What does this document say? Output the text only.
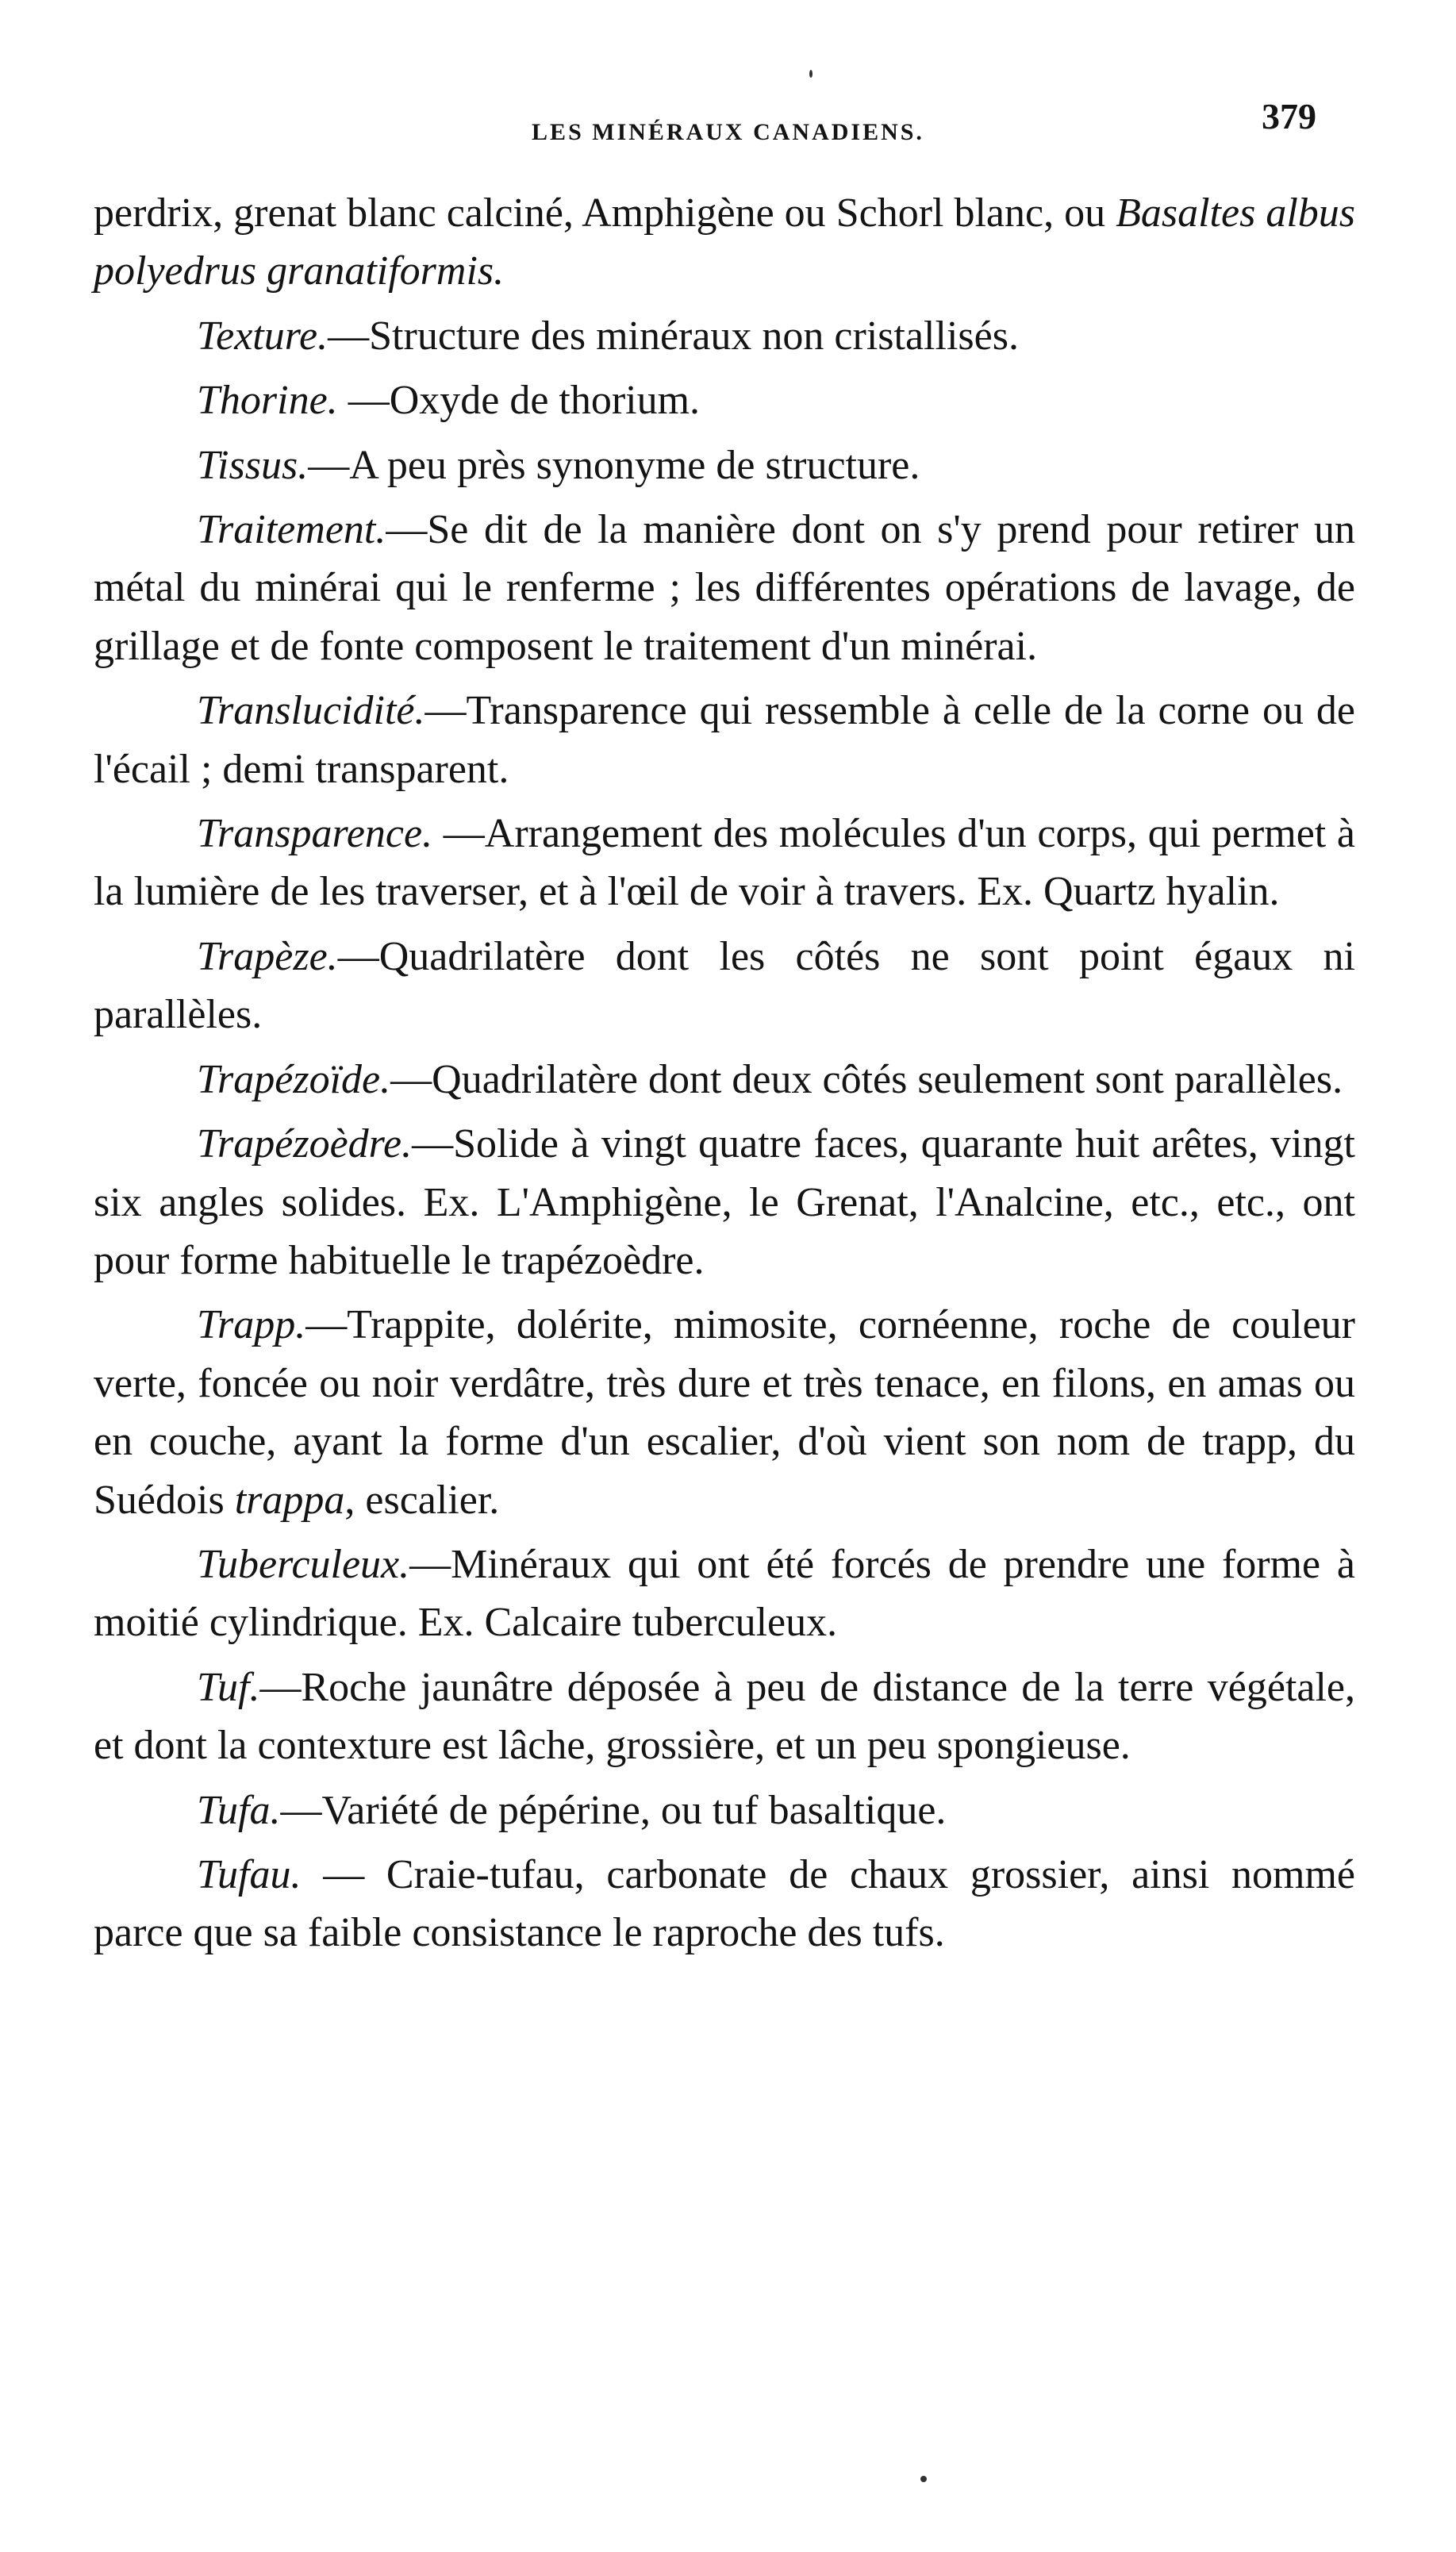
LES MINÉRAUX CANADIENS.	379

perdrix, grenat blanc calciné, Amphigène ou Schorl blanc, ou Basaltes albus polyedrus granatiformis.

Texture.—Structure des minéraux non cristallisés.

Thorine. —Oxyde de thorium.

Tissus.—A peu près synonyme de structure.

Traitement.—Se dit de la manière dont on s'y prend pour retirer un métal du minérai qui le renferme ; les différentes opérations de lavage, de grillage et de fonte composent le traitement d'un minérai.

Translucidité.—Transparence qui ressemble à celle de la corne ou de l'écail ; demi transparent.

Transparence. —Arrangement des molécules d'un corps, qui permet à la lumière de les traverser, et à l'œil de voir à travers. Ex. Quartz hyalin.

Trapèze.—Quadrilatère dont les côtés ne sont point égaux ni parallèles.

Trapézoïde.—Quadrilatère dont deux côtés seulement sont parallèles.

Trapézoèdre.—Solide à vingt quatre faces, quarante huit arêtes, vingt six angles solides. Ex. L'Amphigène, le Grenat, l'Analcine, etc., etc., ont pour forme habituelle le trapézoèdre.

Trapp.—Trappite, dolérite, mimosite, cornéenne, roche de couleur verte, foncée ou noir verdâtre, très dure et très tenace, en filons, en amas ou en couche, ayant la forme d'un escalier, d'où vient son nom de trapp, du Suédois trappa, escalier.

Tuberculeux.—Minéraux qui ont été forcés de prendre une forme à moitié cylindrique. Ex. Calcaire tuberculeux.

Tuf.—Roche jaunâtre déposée à peu de distance de la terre végétale, et dont la contexture est lâche, grossière, et un peu spongieuse.

Tufa.—Variété de pépérine, ou tuf basaltique.

Tufau. — Craie-tufau, carbonate de chaux grossier, ainsi nommé parce que sa faible consistance le raproche des tufs.
